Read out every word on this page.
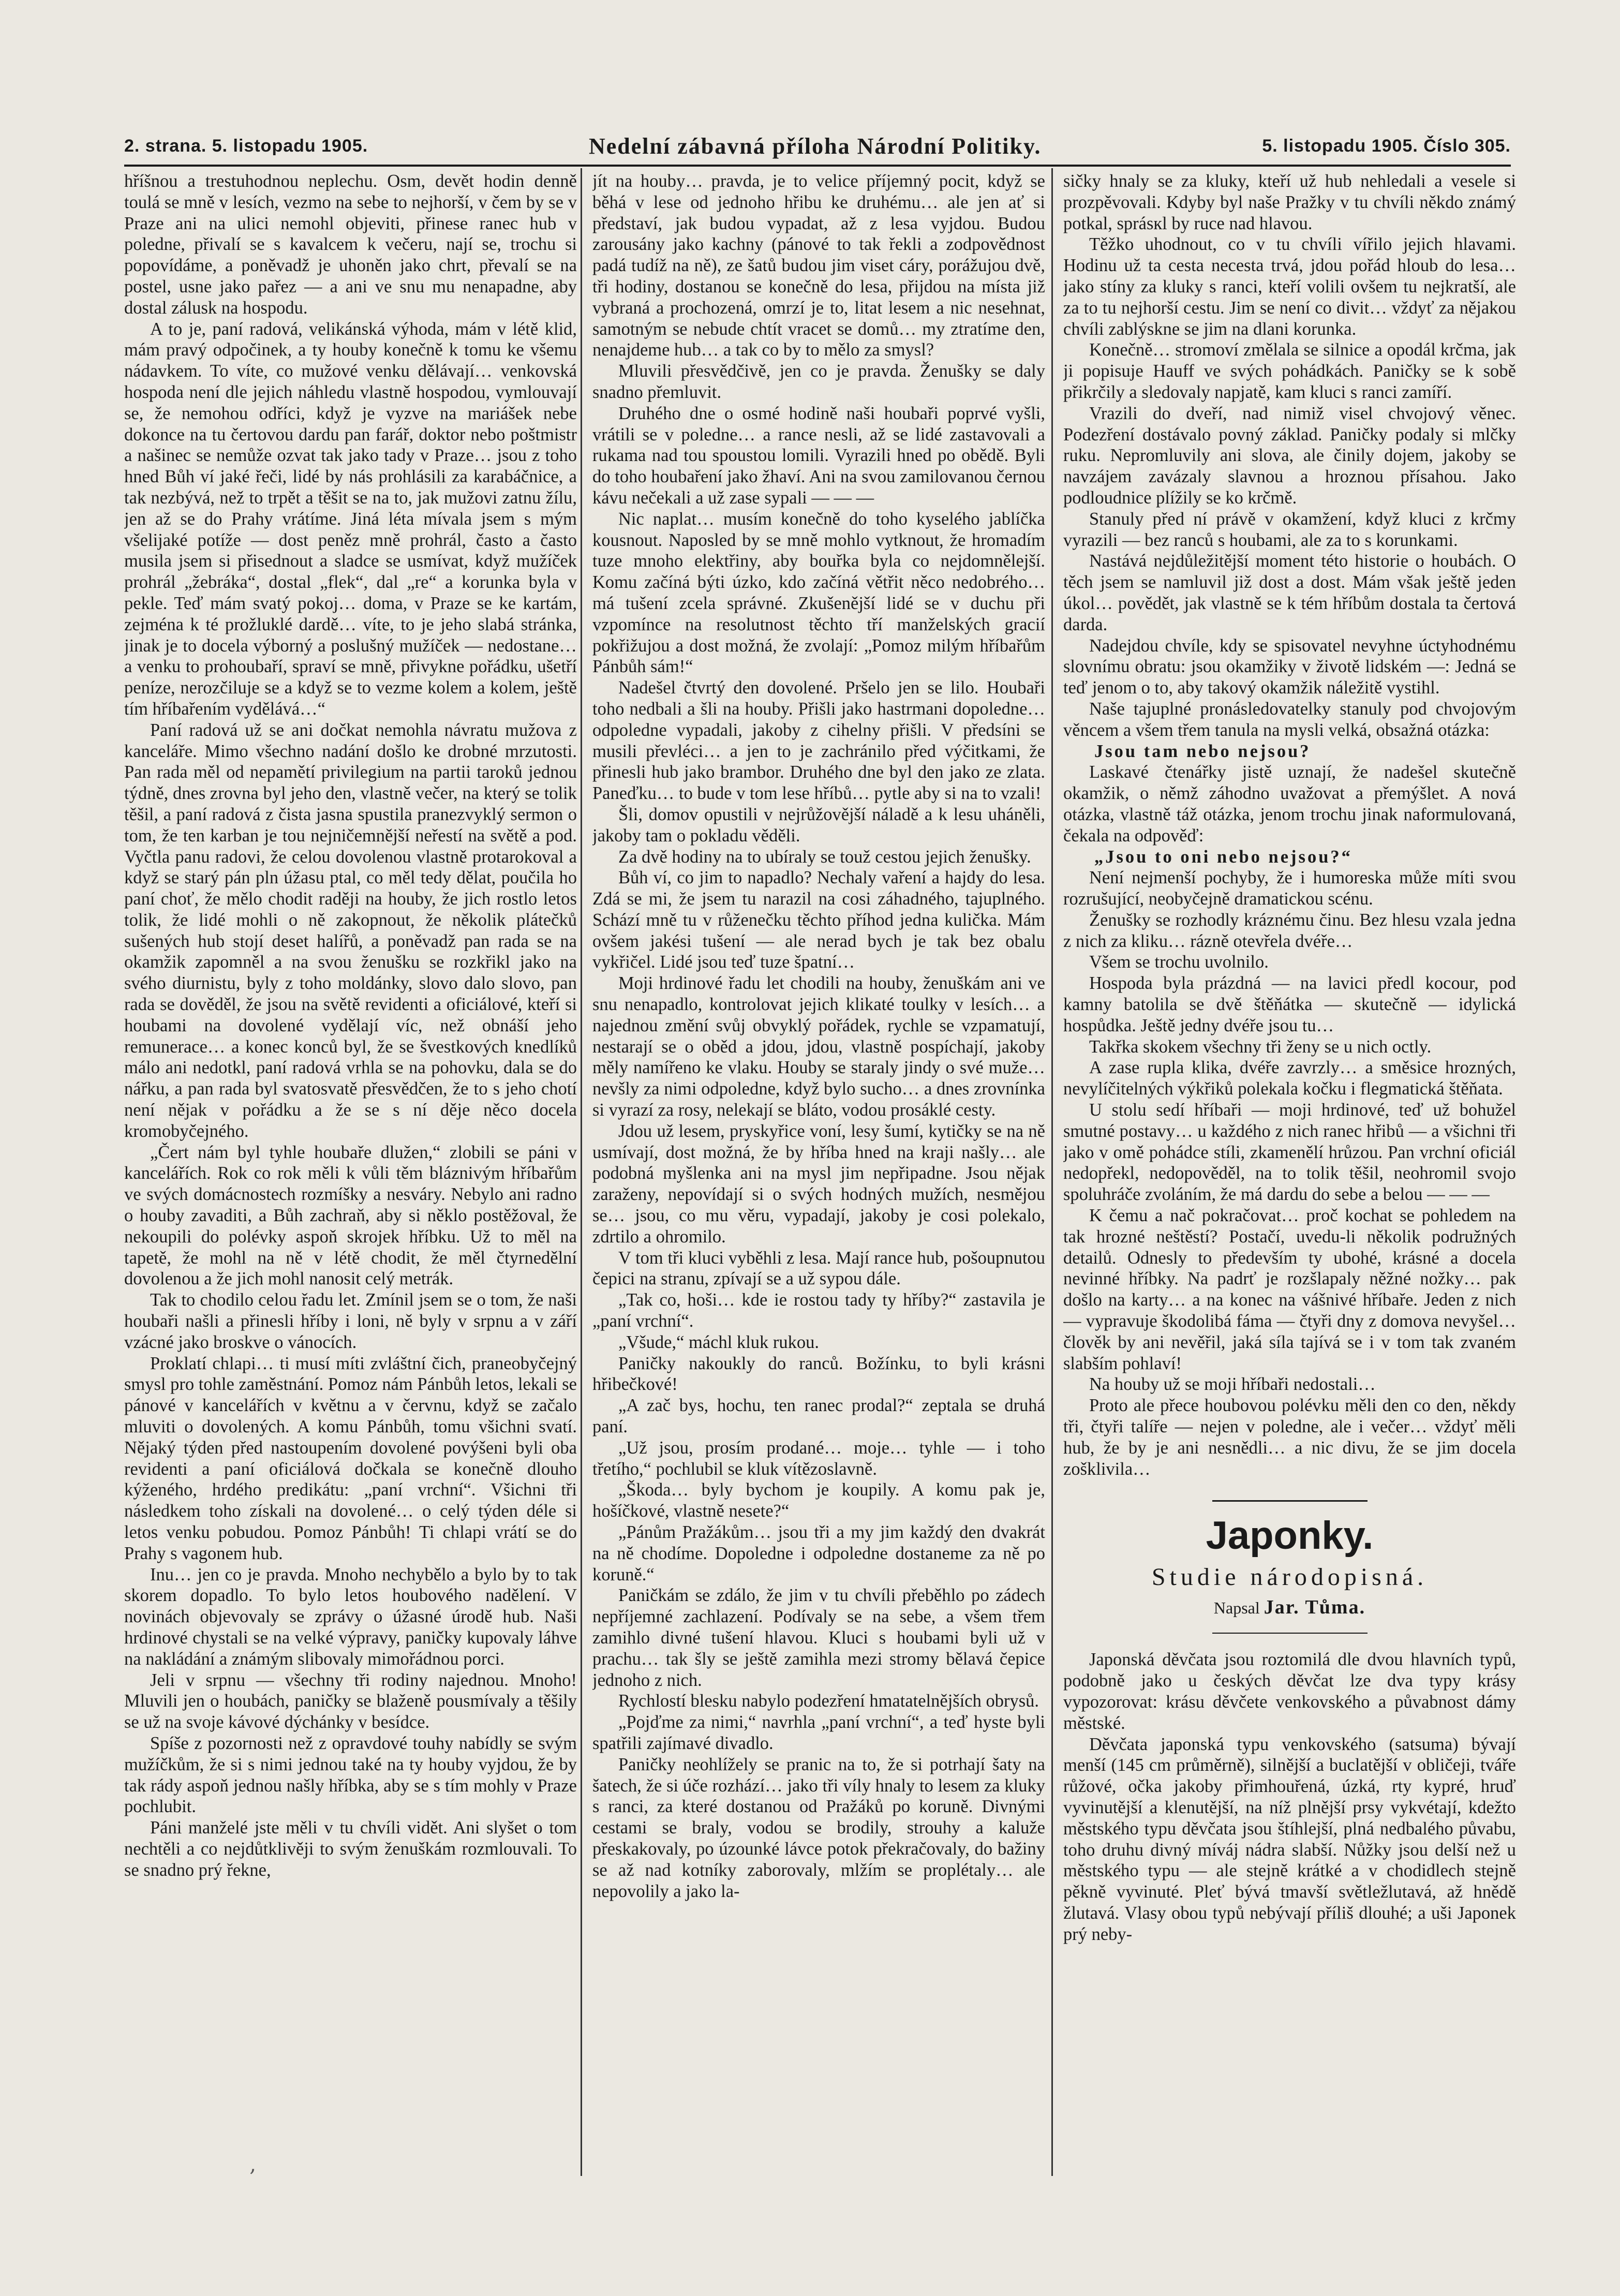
2. strana. 5. listopadu 1905.	Nedelní zábavná příloha Národní Politiky.	5. listopadu 1905. Číslo 305.

hříšnou a trestuhodnou neplechu. Osm, devět hodin denně toulá se mně v lesích, vezmo na sebe to nejhorší, v čem by se v Praze ani na ulici nemohl objeviti, přinese ranec hub v poledne, přivalí se s kavalcem k večeru, nají se, trochu si popovídáme, a poněvadž je uhoněn jako chrt, převalí se na postel, usne jako pařez — a ani ve snu mu nenapadne, aby dostal zálusk na hospodu.

A to je, paní radová, velikánská výhoda, mám v létě klid, mám pravý odpočinek, a ty houby konečně k tomu ke všemu nádavkem. To víte, co mužové venku dělávají… venkovská hospoda není dle jejich náhledu vlastně hospodou, vymlouvají se, že nemohou odříci, když je vyzve na mariášek nebe dokonce na tu čertovou dardu pan farář, doktor nebo poštmistr a našinec se nemůže ozvat tak jako tady v Praze… jsou z toho hned Bůh ví jaké řeči, lidé by nás prohlásili za karabáčnice, a tak nezbývá, než to trpět a těšit se na to, jak mužovi zatnu žílu, jen až se do Prahy vrátíme. Jiná léta mívala jsem s mým všelijaké potíže — dost peněz mně prohrál, často a často musila jsem si přisednout a sladce se usmívat, když mužíček prohrál „žebráka“, dostal „flek“, dal „re“ a korunka byla v pekle. Teď mám svatý pokoj… doma, v Praze se ke kartám, zejména k té prožluklé dardě… víte, to je jeho slabá stránka, jinak je to docela výborný a poslušný mužíček — nedostane… a venku to prohoubaří, spraví se mně, přivykne pořádku, ušetří peníze, nerozčiluje se a když se to vezme kolem a kolem, ještě tím hříbařením vydělává…“

Paní radová už se ani dočkat nemohla návratu mužova z kanceláře. Mimo všechno nadání došlo ke drobné mrzutosti. Pan rada měl od nepamětí privilegium na partii taroků jednou týdně, dnes zrovna byl jeho den, vlastně večer, na který se tolik těšil, a paní radová z čista jasna spustila pranezvyklý sermon o tom, že ten karban je tou nejničemnější neřestí na světě a pod. Vyčtla panu radovi, že celou dovolenou vlastně protarokoval a když se starý pán pln úžasu ptal, co měl tedy dělat, poučila ho paní choť, že mělo chodit raději na houby, že jich rostlo letos tolik, že lidé mohli o ně zakopnout, že několik plátečků sušených hub stojí deset halířů, a poněvadž pan rada se na okamžik zapomněl a na svou ženušku se rozkřikl jako na svého diurnistu, byly z toho moldánky, slovo dalo slovo, pan rada se dověděl, že jsou na světě revidenti a oficiálové, kteří si houbami na dovolené vydělají víc, než obnáší jeho remunerace… a konec konců byl, že se švestkových knedlíků málo ani nedotkl, paní radová vrhla se na pohovku, dala se do nářku, a pan rada byl svatosvatě přesvědčen, že to s jeho chotí není nějak v pořádku a že se s ní děje něco docela kromobyčejného.

„Čert nám byl tyhle houbaře dlužen,“ zlobili se páni v kancelářích. Rok co rok měli k vůli těm bláznivým hříbařům ve svých domácnostech rozmíšky a nesváry. Nebylo ani radno o houby zavaditi, a Bůh zachraň, aby si něklo postěžoval, že nekoupili do polévky aspoň skrojek hříbku. Už to měl na tapetě, že mohl na ně v létě chodit, že měl čtyrnedělní dovolenou a že jich mohl nanosit celý metrák.

Tak to chodilo celou řadu let. Zmínil jsem se o tom, že naši houbaři našli a přinesli hříby i loni, ně byly v srpnu a v září vzácné jako broskve o vánocích.

Proklatí chlapi… ti musí míti zvláštní čich, praneobyčejný smysl pro tohle zaměstnání. Pomoz nám Pánbůh letos, lekali se pánové v kancelářích v květnu a v červnu, když se začalo mluviti o dovolených. A komu Pánbůh, tomu všichni svatí. Nějaký týden před nastoupením dovolené povýšeni byli oba revidenti a paní oficiálová dočkala se konečně dlouho kýženého, hrdého predikátu: „paní vrchní“. Všichni tři následkem toho získali na dovolené… o celý týden déle si letos venku pobudou. Pomoz Pánbůh! Ti chlapi vrátí se do Prahy s vagonem hub.

Inu… jen co je pravda. Mnoho nechybělo a bylo by to tak skorem dopadlo. To bylo letos houbového nadělení. V novinách objevovaly se zprávy o úžasné úrodě hub. Naši hrdinové chystali se na velké výpravy, paničky kupovaly láhve na nakládání a známým slibovaly mimořádnou porci.

Jeli v srpnu — všechny tři rodiny najednou. Mnoho! Mluvili jen o houbách, paničky se blaženě pousmívaly a těšily se už na svoje kávové dýchánky v besídce.

Spíše z pozornosti než z opravdové touhy nabídly se svým mužíčkům, že si s nimi jednou také na ty houby vyjdou, že by tak rády aspoň jednou našly hříbka, aby se s tím mohly v Praze pochlubit.

Páni manželé jste měli v tu chvíli vidět. Ani slyšet o tom nechtěli a co nejdůtklivěji to svým ženuškám rozmlouvali. To se snadno prý řekne,

jít na houby… pravda, je to velice příjemný pocit, když se běhá v lese od jednoho hřibu ke druhému… ale jen ať si představí, jak budou vypadat, až z lesa vyjdou. Budou zarousány jako kachny (pánové to tak řekli a zodpovědnost padá tudíž na ně), ze šatů budou jim viset cáry, porážujou dvě, tři hodiny, dostanou se konečně do lesa, přijdou na místa již vybraná a prochozená, omrzí je to, litat lesem a nic nesehnat, samotným se nebude chtít vracet se domů… my ztratíme den, nenajdeme hub… a tak co by to mělo za smysl?

Mluvili přesvědčivě, jen co je pravda. Ženušky se daly snadno přemluvit.

Druhého dne o osmé hodině naši houbaři poprvé vyšli, vrátili se v poledne… a rance nesli, až se lidé zastavovali a rukama nad tou spoustou lomili. Vyrazili hned po obědě. Byli do toho houbaření jako žhaví. Ani na svou zamilovanou černou kávu nečekali a už zase sypali — — —

Nic naplat… musím konečně do toho kyselého jablíčka kousnout. Naposled by se mně mohlo vytknout, že hromadím tuze mnoho elektřiny, aby bouřka byla co nejdomnělejší. Komu začíná býti úzko, kdo začíná větřit něco nedobrého… má tušení zcela správné. Zkušenější lidé se v duchu při vzpomínce na resolutnost těchto tří manželských gracií pokřižujou a dost možná, že zvolají: „Pomoz milým hříbařům Pánbůh sám!“

Nadešel čtvrtý den dovolené. Pršelo jen se lilo. Houbaři toho nedbali a šli na houby. Přišli jako hastrmani dopoledne… odpoledne vypadali, jakoby z cihelny přišli. V předsíni se musili převléci… a jen to je zachránilo před výčitkami, že přinesli hub jako brambor. Druhého dne byl den jako ze zlata. Paneďku… to bude v tom lese hříbů… pytle aby si na to vzali!

Šli, domov opustili v nejrůžovější náladě a k lesu uháněli, jakoby tam o pokladu věděli.

Za dvě hodiny na to ubíraly se touž cestou jejich ženušky.

Bůh ví, co jim to napadlo? Nechaly vaření a hajdy do lesa. Zdá se mi, že jsem tu narazil na cosi záhadného, tajuplného. Schází mně tu v růženečku těchto příhod jedna kulička. Mám ovšem jakési tušení — ale nerad bych je tak bez obalu vykřičel. Lidé jsou teď tuze špatní…

Moji hrdinové řadu let chodili na houby, ženuškám ani ve snu nenapadlo, kontrolovat jejich klikaté toulky v lesích… a najednou změní svůj obvyklý pořádek, rychle se vzpamatují, nestarají se o oběd a jdou, jdou, vlastně pospíchají, jakoby měly namířeno ke vlaku. Houby se staraly jindy o své muže… nevšly za nimi odpoledne, když bylo sucho… a dnes zrovnínka si vyrazí za rosy, nelekají se bláto, vodou prosáklé cesty.

Jdou už lesem, pryskyřice voní, lesy šumí, kytičky se na ně usmívají, dost možná, že by hříba hned na kraji našly… ale podobná myšlenka ani na mysl jim nepřipadne. Jsou nějak zaraženy, nepovídají si o svých hodných mužích, nesmějou se… jsou, co mu věru, vypadají, jakoby je cosi polekalo, zdrtilo a ohromilo.

V tom tři kluci vyběhli z lesa. Mají rance hub, pošoupnutou čepici na stranu, zpívají se a už sypou dále.

„Tak co, hoši… kde ie rostou tady ty hříby?“ zastavila je „paní vrchní“.

„Všude,“ máchl kluk rukou.

Paničky nakoukly do ranců. Božínku, to byli krásni hřibečkové!

„A zač bys, hochu, ten ranec prodal?“ zeptala se druhá paní.

„Už jsou, prosím prodané… moje… tyhle — i toho třetího,“ pochlubil se kluk vítězoslavně.

„Škoda… byly bychom je koupily. A komu pak je, hošíčkové, vlastně nesete?“

„Pánům Pražákům… jsou tři a my jim každý den dvakrát na ně chodíme. Dopoledne i odpoledne dostaneme za ně po koruně.“

Paničkám se zdálo, že jim v tu chvíli přeběhlo po zádech nepříjemné zachlazení. Podívaly se na sebe, a všem třem zamihlo divné tušení hlavou. Kluci s houbami byli už v prachu… tak šly se ještě zamihla mezi stromy bělavá čepice jednoho z nich.

Rychlostí blesku nabylo podezření hmatatelnějších obrysů.

„Pojďme za nimi,“ navrhla „paní vrchní“, a teď hyste byli spatřili zajímavé divadlo.

Paničky neohlížely se pranic na to, že si potrhají šaty na šatech, že si úče rozhází… jako tři víly hnaly to lesem za kluky s ranci, za které dostanou od Pražáků po koruně. Divnými cestami se braly, vodou se brodily, strouhy a kaluže přeskakovaly, po úzounké lávce potok překračovaly, do bažiny se až nad kotníky zaborovaly, mlžím se proplétaly… ale nepovolily a jako la-

sičky hnaly se za kluky, kteří už hub nehledali a vesele si prozpěvovali. Kdyby byl naše Pražky v tu chvíli někdo známý potkal, sprásкl by ruce nad hlavou.

Těžko uhodnout, co v tu chvíli vířilo jejich hlavami. Hodinu už ta cesta necesta trvá, jdou pořád hloub do lesa… jako stíny za kluky s ranci, kteří volili ovšem tu nejkratší, ale za to tu nejhorší cestu. Jim se není co divit… vždyť za nějakou chvíli zablýskne se jim na dlani korunka.

Konečně… stromoví změlala se silnice a opodál krčma, jak ji popisuje Hauff ve svých pohádkách. Paničky se k sobě přikrčily a sledovaly napjatě, kam kluci s ranci zamíří.

Vrazili do dveří, nad nimiž visel chvojový věnec. Podezření dostávalo povný základ. Paničky podaly si mlčky ruku. Nepromluvily ani slova, ale činily dojem, jakoby se navzájem zavázaly slavnou a hroznou přísahou. Jako podloudnice plížily se ko krčmě.

Stanuly před ní právě v okamžení, když kluci z krčmy vyrazili — bez ranců s houbami, ale za to s korunkami.

Nastává nejdůležitější moment této historie o houbách. O těch jsem se namluvil již dost a dost. Mám však ještě jeden úkol… povědět, jak vlastně se k tém hříbům dostala ta čertová darda.

Nadejdou chvíle, kdy se spisovatel nevyhne úctyhodnému slovnímu obratu: jsou okamžiky v životě lidském —: Jedná se teď jenom o to, aby takový okamžik náležitě vystihl.

Naše tajuplné pronásledovatelky stanuly pod chvojovým věncem a všem třem tanula na mysli velká, obsažná otázka:

Jsou tam nebo nejsou?

Laskavé čtenářky jistě uznají, že nadešel skutečně okamžik, o němž záhodno uvažovat a přemýšlet. A nová otázka, vlastně táž otázka, jenom trochu jinak naformulovaná, čekala na odpověď:

„Jsou to oni nebo nejsou?“

Není nejmenší pochyby, že i humoreska může míti svou rozrušující, neobyčejně dramatickou scénu.

Ženušky se rozhodly kráznému činu. Bez hlesu vzala jedna z nich za kliku… rázně otevřela dvéře…

Všem se trochu uvolnilo.

Hospoda byla prázdná — na lavici předl kocour, pod kamny batolila se dvě štěňátka — skutečně — idylická hospůdka. Ještě jedny dvéře jsou tu…

Takřka skokem všechny tři ženy se u nich octly.

A zase rupla klika, dvéře zavrzly… a směsice hrozných, nevylíčitelných výkřiků polekala kočku i flegmatická štěňata.

U stolu sedí hříbaři — moji hrdinové, teď už bohužel smutné postavy… u každého z nich ranec hřibů — a všichni tři jako v omě pohádce stíli, zkamenělí hrůzou. Pan vrchní oficiál nedopřekl, nedopověděl, na to tolik těšil, neohromil svojo spoluhráče zvoláním, že má dardu do sebe a belou — — —

K čemu a nač pokračovat… proč kochat se pohledem na tak hrozné neštěstí? Postačí, uvedu-li několik podružných detailů. Odnesly to především ty ubohé, krásné a docela nevinné hříbky. Na padrť je rozšlapaly něžné nožky… pak došlo na karty… a na konec na vášnivé hříbaře. Jeden z nich — vypravuje škodolibá fáma — čtyři dny z domova nevyšel… člověk by ani nevěřil, jaká síla tajívá se i v tom tak zvaném slabším pohlaví!

Na houby už se moji hříbaři nedostali…

Proto ale přece houbovou polévku měli den co den, někdy tři, čtyři talíře — nejen v poledne, ale i večer… vždyť měli hub, že by je ani nesnědli… a nic divu, že se jim docela zošklivila…

Japonky.
Studie národopisná.
Napsal Jar. Tůma.

Japonská děvčata jsou roztomilá dle dvou hlavních typů, podobně jako u českých děvčat lze dva typy krásy vypozorovat: krásu děvčete venkovského a půvabnost dámy městské.

Děvčata japonská typu venkovského (satsuma) bývají menší (145 cm průměrně), silnější a buclatější v obličeji, tváře růžové, očka jakoby přimhouřená, úzká, rty kypré, hruď vyvinutější a klenutější, na níž plnější prsy vykvétají, kdežto městského typu děvčata jsou štíhlejší, plná nedbalého půvabu, toho druhu divný míváj nádra slabší. Nůžky jsou delší než u městského typu — ale stejně krátké a v chodidlech stejně pěkně vyvinuté. Pleť bývá tmavší světležlutavá, až hnědě žlutavá. Vlasy obou typů nebývají příliš dlouhé; a uši Japonek prý neby-

‚
